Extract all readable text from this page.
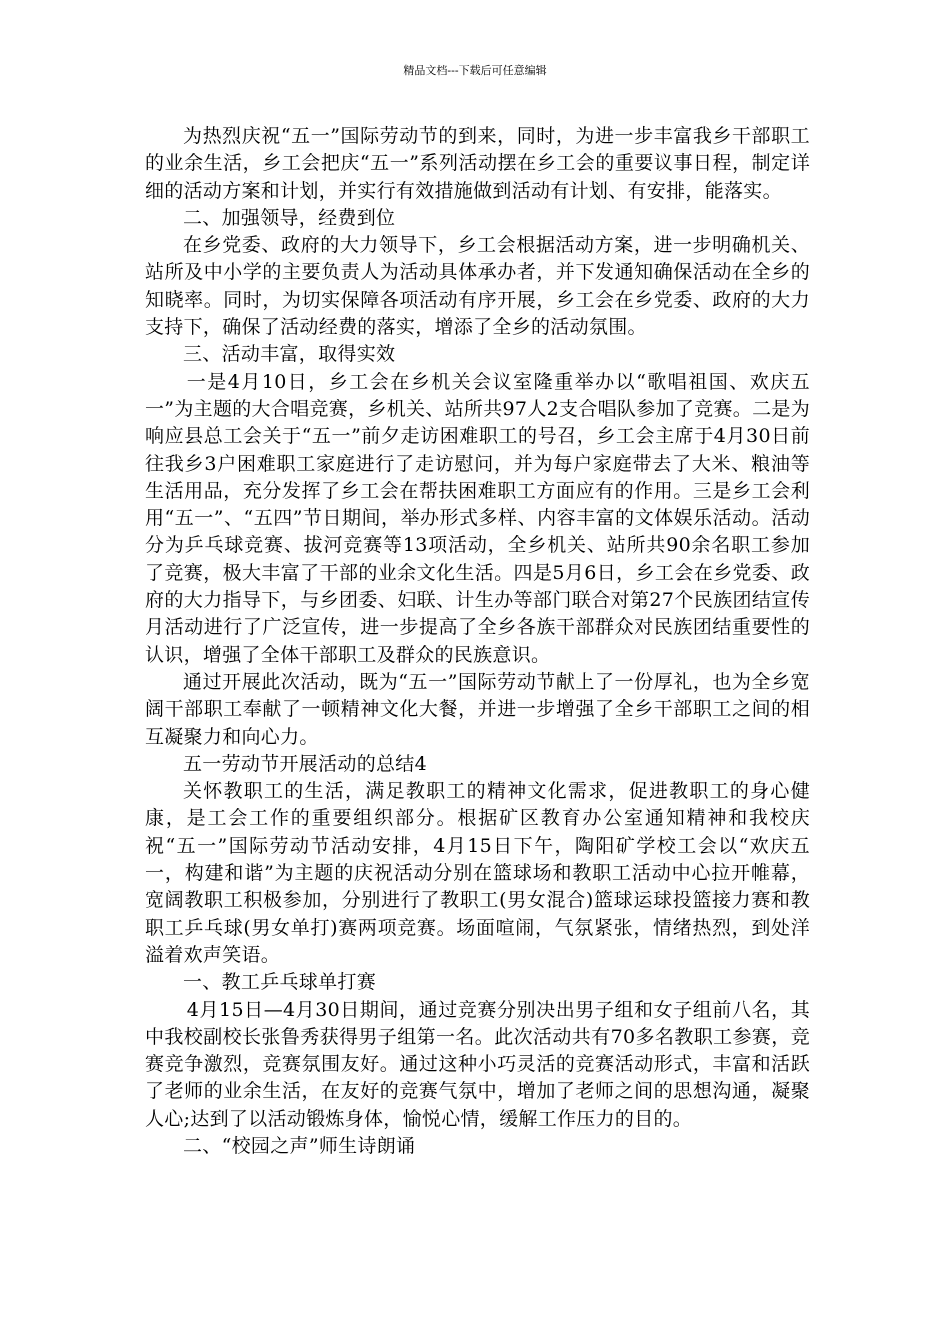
精品文档---下载后可任意编辑

为热烈庆祝“五一”国际劳动节的到来，同时，为进一步丰富我乡干部职工的业余生活，乡工会把庆“五一”系列活动摆在乡工会的重要议事日程，制定详细的活动方案和计划，并实行有效措施做到活动有计划、有安排，能落实。

二、加强领导，经费到位

在乡党委、政府的大力领导下，乡工会根据活动方案，进一步明确机关、站所及中小学的主要负责人为活动具体承办者，并下发通知确保活动在全乡的知晓率。同时，为切实保障各项活动有序开展，乡工会在乡党委、政府的大力支持下，确保了活动经费的落实，增添了全乡的活动氛围。

三、活动丰富，取得实效

一是4月10日，乡工会在乡机关会议室隆重举办以“歌唱祖国、欢庆五一”为主题的大合唱竞赛，乡机关、站所共97人2支合唱队参加了竞赛。二是为响应县总工会关于“五一”前夕走访困难职工的号召，乡工会主席于4月30日前往我乡3户困难职工家庭进行了走访慰问，并为每户家庭带去了大米、粮油等生活用品，充分发挥了乡工会在帮扶困难职工方面应有的作用。三是乡工会利用“五一”、“五四”节日期间，举办形式多样、内容丰富的文体娱乐活动。活动分为乒乓球竞赛、拔河竞赛等13项活动，全乡机关、站所共90余名职工参加了竞赛，极大丰富了干部的业余文化生活。四是5月6日，乡工会在乡党委、政府的大力指导下，与乡团委、妇联、计生办等部门联合对第27个民族团结宣传月活动进行了广泛宣传，进一步提高了全乡各族干部群众对民族团结重要性的认识，增强了全体干部职工及群众的民族意识。

通过开展此次活动，既为“五一”国际劳动节献上了一份厚礼，也为全乡宽阔干部职工奉献了一顿精神文化大餐，并进一步增强了全乡干部职工之间的相互凝聚力和向心力。

五一劳动节开展活动的总结4

关怀教职工的生活，满足教职工的精神文化需求，促进教职工的身心健康，是工会工作的重要组织部分。根据矿区教育办公室通知精神和我校庆祝“五一”国际劳动节活动安排，4月15日下午，陶阳矿学校工会以“欢庆五一，构建和谐”为主题的庆祝活动分别在篮球场和教职工活动中心拉开帷幕，宽阔教职工积极参加，分别进行了教职工(男女混合)篮球运球投篮接力赛和教职工乒乓球(男女单打)赛两项竞赛。场面喧闹，气氛紧张，情绪热烈，到处洋溢着欢声笑语。

一、教工乒乓球单打赛

4月15日—4月30日期间，通过竞赛分别决出男子组和女子组前八名，其中我校副校长张鲁秀获得男子组第一名。此次活动共有70多名教职工参赛，竞赛竞争激烈，竞赛氛围友好。通过这种小巧灵活的竞赛活动形式，丰富和活跃了老师的业余生活，在友好的竞赛气氛中，增加了老师之间的思想沟通，凝聚人心;达到了以活动锻炼身体，愉悦心情，缓解工作压力的目的。

二、“校园之声”师生诗朗诵
